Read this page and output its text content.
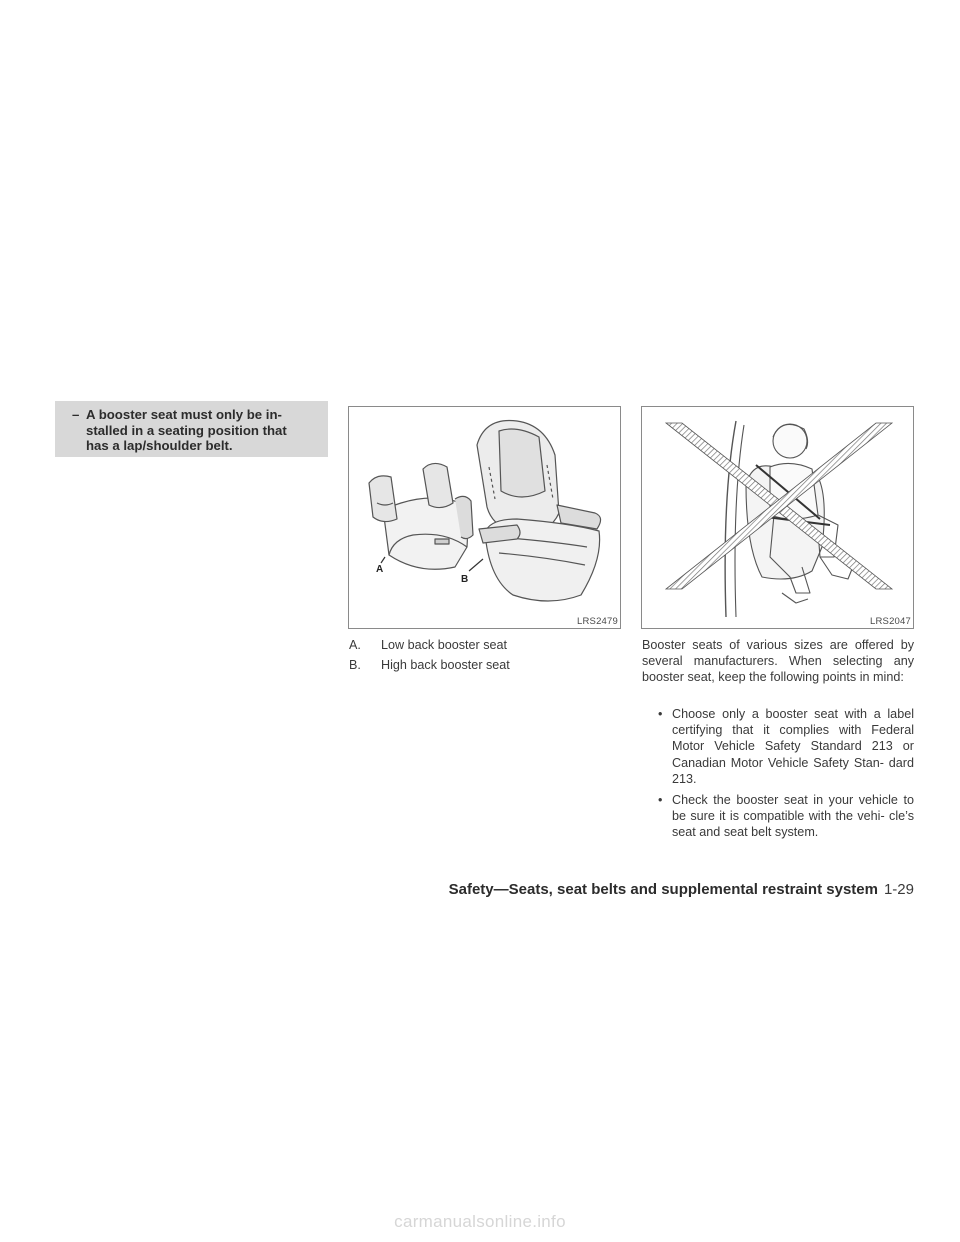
– A booster seat must only be in-
stalled in a seating position that
has a lap/shoulder belt.
A
B
LRS2479	LRS2047
A. Low back booster seat
B. High back booster seat
Booster seats of various sizes are offered by several manufacturers. When selecting any booster seat, keep the following points in mind:
• Choose only a booster seat with a label certifying that it complies with Federal Motor Vehicle Safety Standard 213 or Canadian Motor Vehicle Safety Stan- dard 213.
• Check the booster seat in your vehicle to be sure it is compatible with the vehi- cle’s seat and seat belt system.
Safety—Seats, seat belts and supplemental restraint system 1-29
carmanualsonline.info
